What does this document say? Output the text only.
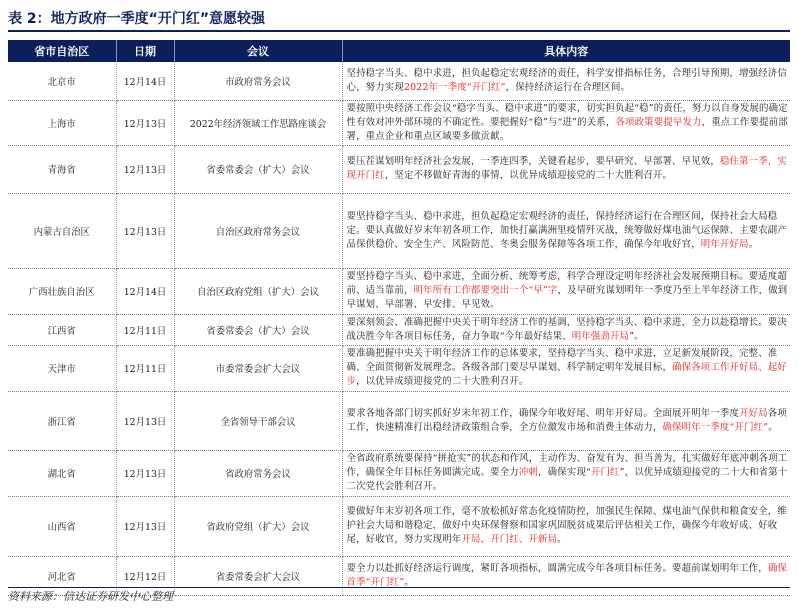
表 2：地方政府一季度“开门红”意愿较强
省市自治区	日期	会议	具体内容
北京市	12月14日	市政府常务会议	坚持稳字当头、稳中求进，担负起稳定宏观经济的责任，科学安排指标任务，合理引导预期，增强经济信心，努力实现2022年一季度“开门红”，保持经济运行在合理区间。
上海市	12月13日	2022年经济领域工作思路座谈会	要按照中央经济工作会议“稳字当头、稳中求进”的要求，切实担负起“稳”的责任，努力以自身发展的确定性有效对冲外部环境的不确定性。要把握好“稳”与“进”的关系，各项政策要提早发力，重点工作要提前部署，重点企业和重点区域要多做贡献。
青海省	12月13日	省委常委会（扩大）会议	要压茬谋划明年经济社会发展，一季连四季，关键看起步，要早研究、早部署、早见效，稳住第一季，实现开门红，坚定不移做好青海的事情，以优异成绩迎接党的二十大胜利召开。
内蒙古自治区	12月13日	自治区政府常务会议	要坚持稳字当头、稳中求进，担负起稳定宏观经济的责任，保持经济运行在合理区间，保持社会大局稳定。要认真做好岁末年初各项工作，加快打赢满洲里疫情歼灭战，统筹做好煤电油气运保障、主要农副产品保供稳价、安全生产、风险防范、冬奥会服务保障等各项工作，确保今年收好官，明年开好局。
广西壮族自治区	12月14日	自治区政府党组（扩大）会议	要坚持稳字当头、稳中求进，全面分析、统筹考虑，科学合理设定明年经济社会发展预期目标。要适度超前、适当靠前，明年所有工作都要突出一个“早”字，及早研究谋划明年一季度乃至上半年经济工作，做到早谋划、早部署、早安排、早见效。
江西省	12月11日	省委常委会（扩大）会议	要深刻领会、准确把握中央关于明年经济工作的基调，坚持稳字当头、稳中求进，全力以赴稳增长。要决战决胜今年各项目标任务，奋力争取“今年最好结果、明年强劲开局”。
天津市	12月11日	市委常委会扩大会议	要准确把握中央关于明年经济工作的总体要求，坚持稳字当头、稳中求进，立足新发展阶段，完整、准确、全面贯彻新发展理念。各级各部门要尽早谋划、科学制定明年发展目标，确保各项工作开好局、起好步，以优异成绩迎接党的二十大胜利召开。
浙江省	12月13日	全省领导干部会议	要求各地各部门切实抓好岁末年初工作，确保今年收好尾、明年开好局。全面展开明年一季度开好局各项工作，快速精准打出稳经济政策组合拳，全方位激发市场和消费主体动力，确保明年一季度“开门红”。
湖北省	12月13日	省政府常务会议	全省政府系统要保持“拼抢实”的状态和作风，主动作为、奋发有为、担当善为，扎实做好年底冲刺各项工作，确保全年目标任务圆满完成。要全力冲刺，确保实现“开门红”，以优异成绩迎接党的二十大和省第十二次党代会胜利召开。
山西省	12月13日	省政府党组（扩大）会议	要做好年末岁初各项工作，毫不放松抓好常态化疫情防控，加强民生保障、煤电油气保供和粮食安全，维护社会大局和谐稳定，做好中央环保督察和国家巩固脱贫成果后评估相关工作，确保今年收好成、好收尾，好收官，努力实现明年开局、开门红、开新局。
河北省	12月12日	省委常委会扩大会议	要全力以赴抓好经济运行调度，紧盯各项指标，圆满完成今年各项目标任务。要超前谋划明年工作，确保首季“开门红”。
资料来源：信达证券研发中心整理
